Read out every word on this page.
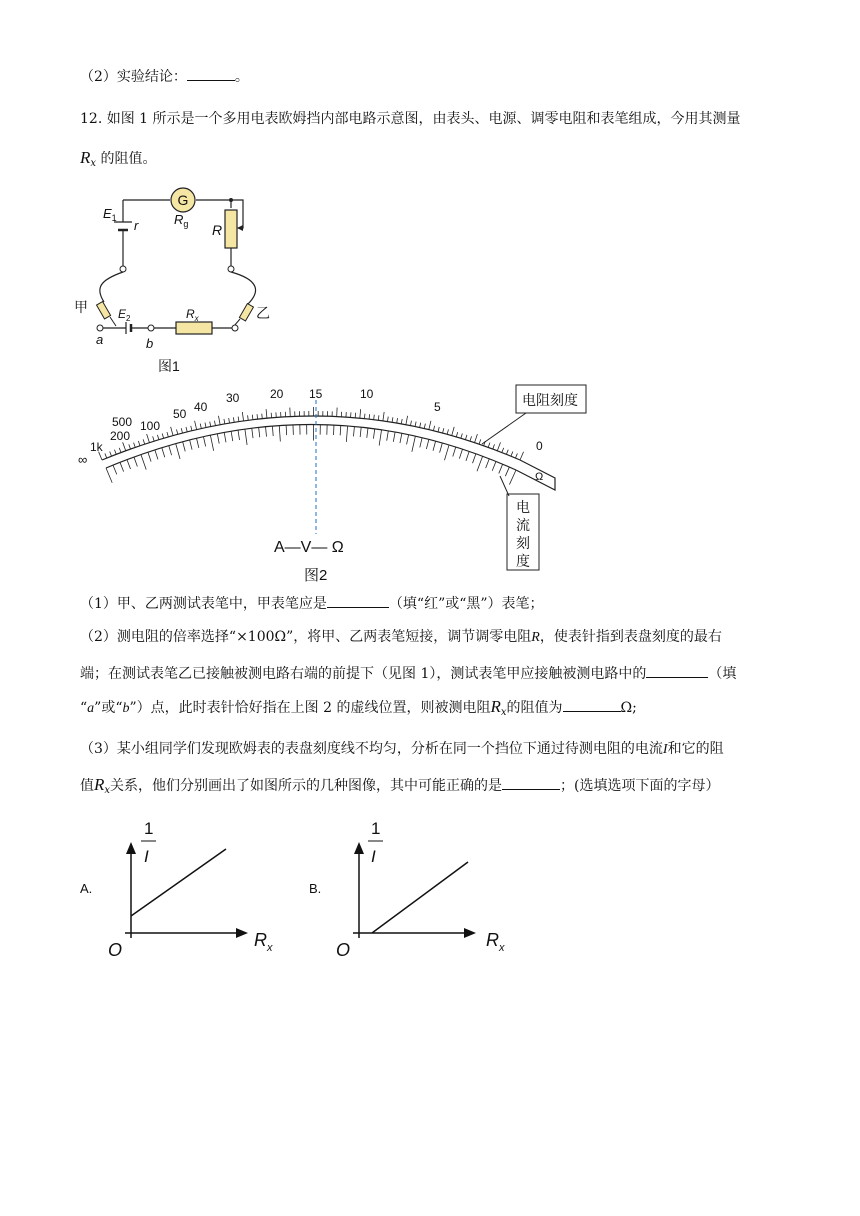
（2）实验结论：	。
12. 如图 1 所示是一个多用电表欧姆挡内部电路示意图，由表头、电源、调零电阻和表笔组成，今用其测量
$R_x$ 的阻值。
G
$E_1$ r	$R_g$ R
甲	乙
$E_2$	$R_x$
a	b
图1
电阻刻度
电
流
刻
度
Ω
∞
1k
500
200
100
50 40
30	20 15	10
5
0
A—V— Ω
图2
（1）甲、乙两测试表笔中，甲表笔应是	（填“红”或“黑”）表笔；
（2）测电阻的倍率选择“×100Ω”，将甲、乙两表笔短接，调节调零电阻R，使表针指到表盘刻度的最右
端；在测试表笔乙已接触被测电路右端的前提下（见图 1），测试表笔甲应接触被测电路中的	（填
“a”或“b”）点，此时表针恰好指在上图 2 的虚线位置，则被测电阻$R_x$的阻值为	Ω;
（3）某小组同学们发现欧姆表的表盘刻度线不均匀，分析在同一个挡位下通过待测电阻的电流I和它的阻
值$R_x$关系，他们分别画出了如图所示的几种图像，其中可能正确的是	；(选填选项下面的字母）
A.
1
I
O	$R_x$
B.
1
I
O	$R_x$
